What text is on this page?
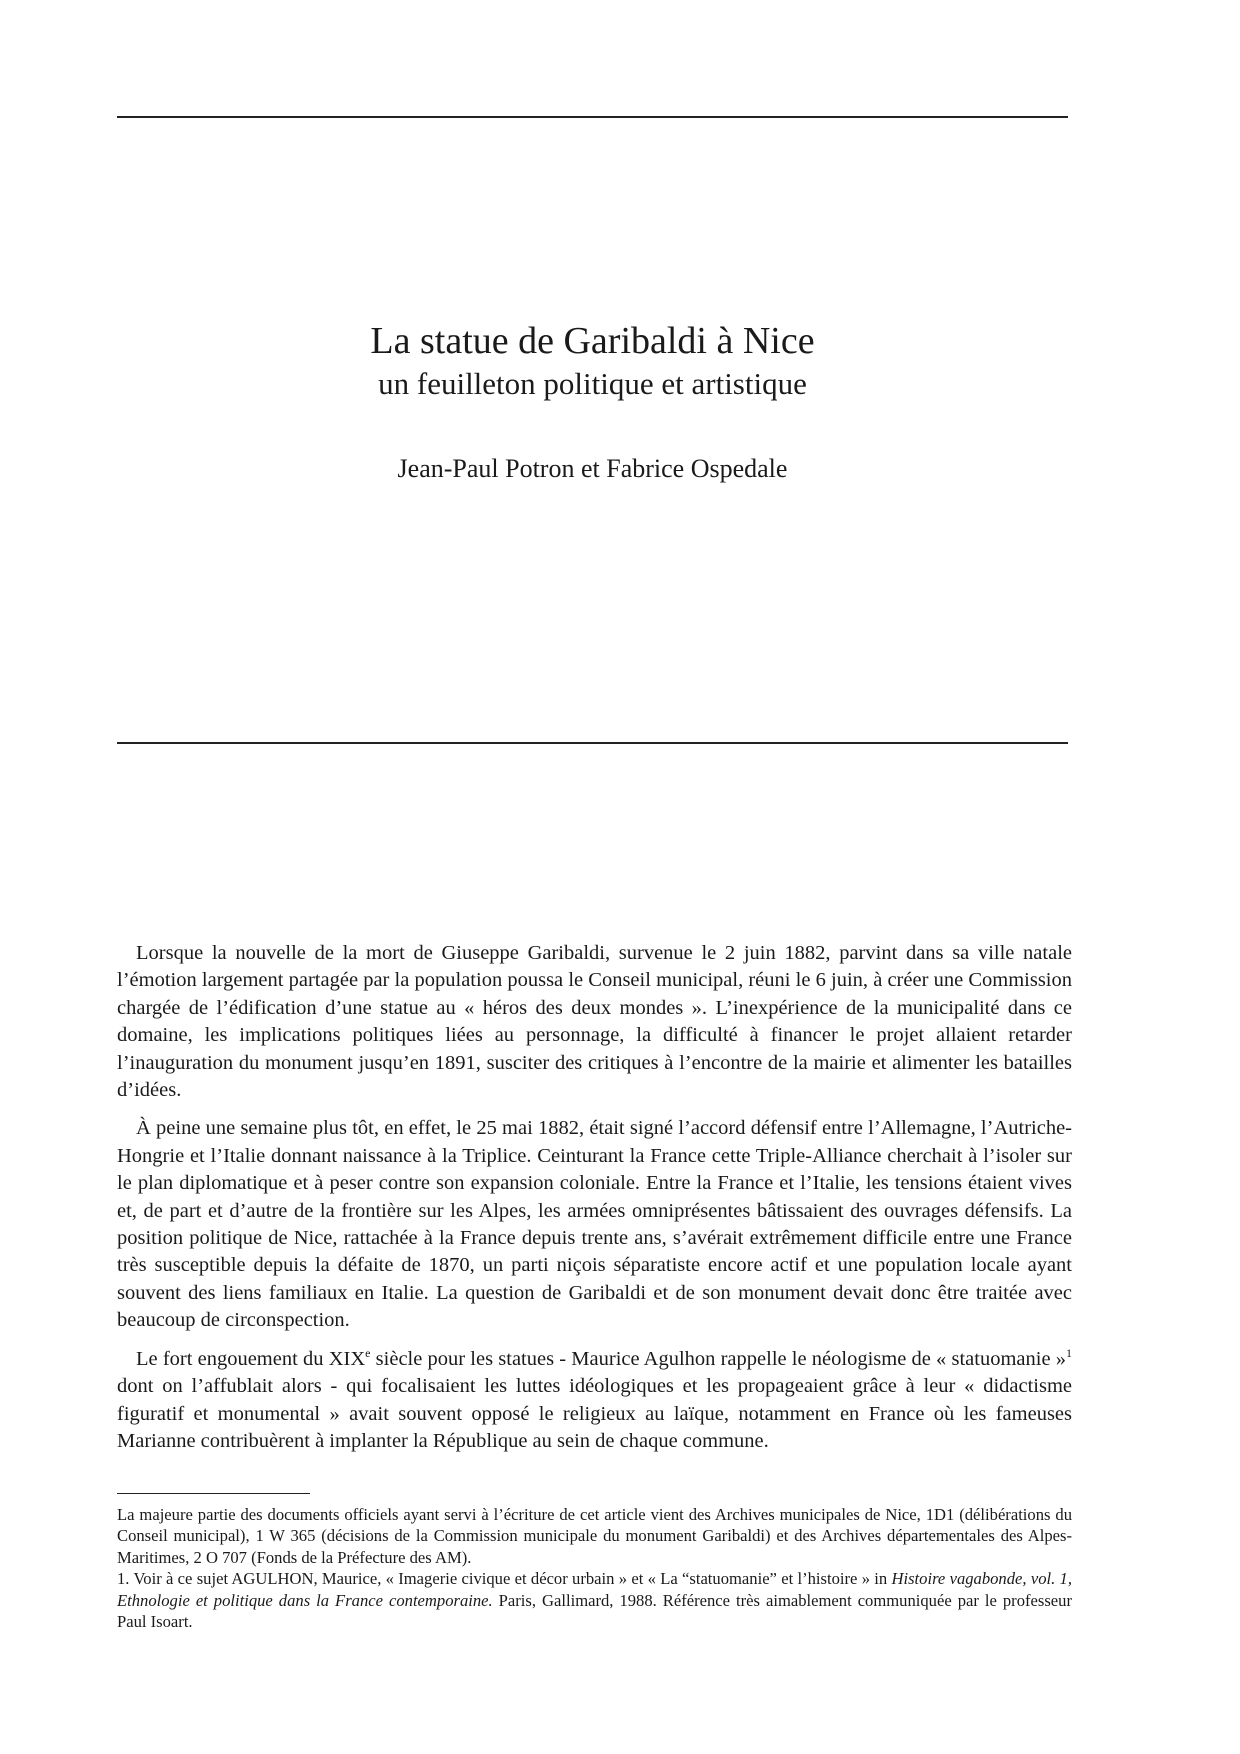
La statue de Garibaldi à Nice
un feuilleton politique et artistique

Jean-Paul Potron et Fabrice Ospedale

Lorsque la nouvelle de la mort de Giuseppe Garibaldi, survenue le 2 juin 1882, parvint dans sa ville natale l’émotion largement partagée par la population poussa le Conseil municipal, réuni le 6 juin, à créer une Commission chargée de l’édification d’une statue au « héros des deux mondes ». L’inexpérience de la municipalité dans ce domaine, les implications politiques liées au personnage, la difficulté à financer le projet allaient retarder l’inauguration du monument jusqu’en 1891, susciter des critiques à l’encontre de la mairie et alimenter les batailles d’idées.

À peine une semaine plus tôt, en effet, le 25 mai 1882, était signé l’accord défensif entre l’Allemagne, l’Autriche-Hongrie et l’Italie donnant naissance à la Triplice. Ceinturant la France cette Triple-Alliance cherchait à l’isoler sur le plan diplomatique et à peser contre son expansion coloniale. Entre la France et l’Italie, les tensions étaient vives et, de part et d’autre de la frontière sur les Alpes, les armées omniprésentes bâtissaient des ouvrages défensifs. La position politique de Nice, rattachée à la France depuis trente ans, s’avérait extrêmement difficile entre une France très susceptible depuis la défaite de 1870, un parti niçois séparatiste encore actif et une population locale ayant souvent des liens familiaux en Italie. La question de Garibaldi et de son monument devait donc être traitée avec beaucoup de circonspection.

Le fort engouement du XIXe siècle pour les statues - Maurice Agulhon rappelle le néologisme de « statuomanie »$^1$ dont on l’affublait alors - qui focalisaient les luttes idéologiques et les propageaient grâce à leur « didactisme figuratif et monumental » avait souvent opposé le religieux au laïque, notamment en France où les fameuses Marianne contribuèrent à implanter la République au sein de chaque commune.

La majeure partie des documents officiels ayant servi à l’écriture de cet article vient des Archives municipales de Nice, 1D1 (délibérations du Conseil municipal), 1 W 365 (décisions de la Commission municipale du monument Garibaldi) et des Archives départementales des Alpes-Maritimes, 2 O 707 (Fonds de la Préfecture des AM).

1. Voir à ce sujet AGULHON, Maurice, « Imagerie civique et décor urbain » et « La “statuomanie” et l’histoire » in Histoire vagabonde, vol. 1, Ethnologie et politique dans la France contemporaine. Paris, Gallimard, 1988. Référence très aimablement communiquée par le professeur Paul Isoart.
